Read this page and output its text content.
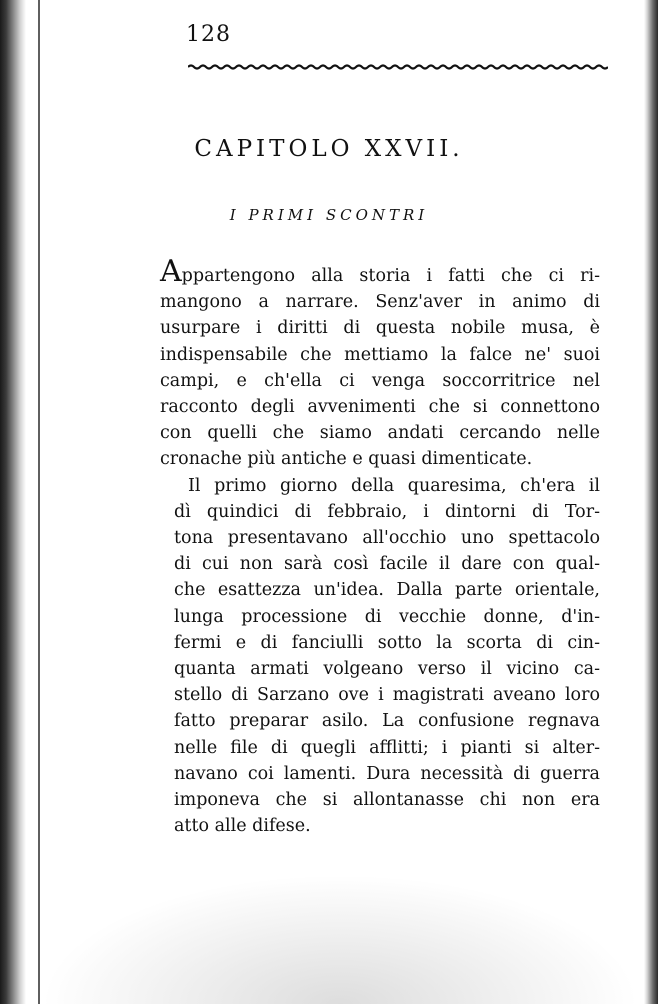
128
CAPITOLO XXVII.
I PRIMI SCONTRI

Appartengono alla storia i fatti che ci ri-
mangono a narrare. Senz'aver in animo di
usurpare i diritti di questa nobile musa, è
indispensabile che mettiamo la falce ne' suoi
campi, e ch'ella ci venga soccorritrice nel
racconto degli avvenimenti che si connettono
con quelli che siamo andati cercando nelle
cronache più antiche e quasi dimenticate.

Il primo giorno della quaresima, ch'era il
dì quindici di febbraio, i dintorni di Tor-
tona presentavano all'occhio uno spettacolo
di cui non sarà così facile il dare con qual-
che esattezza un'idea. Dalla parte orientale,
lunga processione di vecchie donne, d'in-
fermi e di fanciulli sotto la scorta di cin-
quanta armati volgeano verso il vicino ca-
stello di Sarzano ove i magistrati aveano loro
fatto preparar asilo. La confusione regnava
nelle file di quegli afflitti; i pianti si alter-
navano coi lamenti. Dura necessità di guerra
imponeva che si allontanasse chi non era
atto alle difese.
